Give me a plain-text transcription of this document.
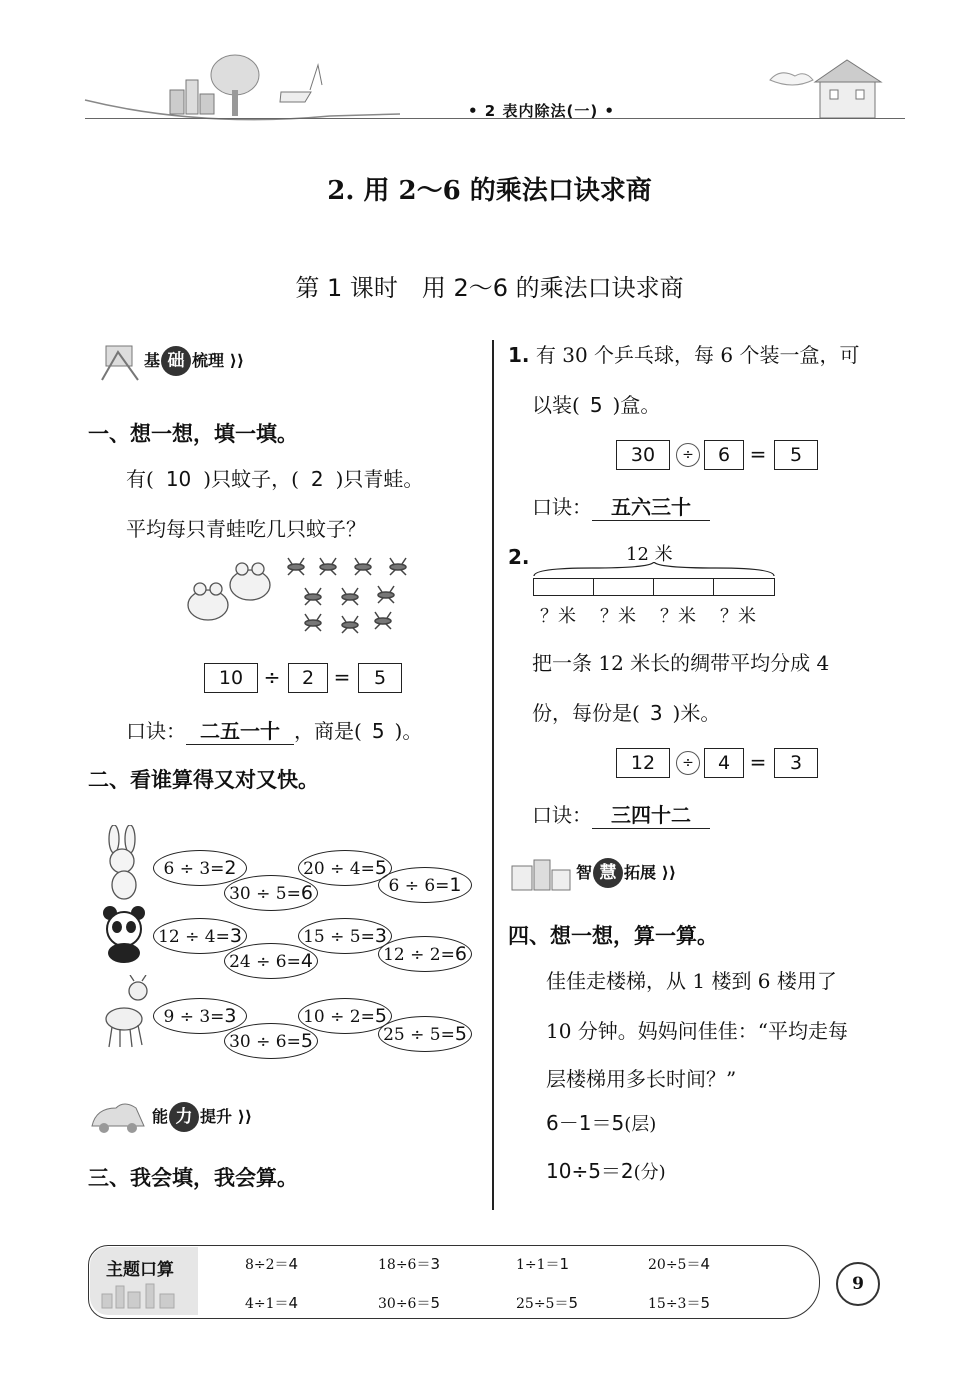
• 2 表内除法(一) •
2. 用 2～6 的乘法口诀求商
第 1 课时　用 2～6 的乘法口诀求商
基 础 梳理 ⟩⟩
一、想一想，填一填。
有( 10 )只蚊子，( 2 )只青蛙。
平均每只青蛙吃几只蚊子？
10	÷	2 =	5
口诀： 二五一十 ，商是( 5 )。
二、看谁算得又对又快。
6 ÷ 3=2	20 ÷ 4=5
30 ÷ 5=6	6 ÷ 6=1
12 ÷ 4=3	15 ÷ 5=3
24 ÷ 6=4	12 ÷ 2=6
9 ÷ 3=3	10 ÷ 2=5
30 ÷ 6=5	25 ÷ 5=5
能 力 提升 ⟩⟩
三、我会填，我会算。
1. 有 30 个乒乓球，每 6 个装一盒，可
以装( 5 )盒。
30	÷	6 =	5
口诀： 五六三十
2.	12 米
？米 ？米 ？米 ？米
把一条 12 米长的绸带平均分成 4
份，每份是( 3 )米。
12	÷	4 =	3
口诀： 三四十二
智 慧 拓展 ⟩⟩
四、想一想，算一算。
佳佳走楼梯，从 1 楼到 6 楼用了
10 分钟。妈妈问佳佳：“平均走每
层楼梯用多长时间？”
6－1＝5(层)
10÷5＝2(分)
主题口算	8÷2＝4	18÷6＝3	1÷1＝1	20÷5＝4
4÷1＝4	30÷6＝5	25÷5＝5	15÷3＝5
9
